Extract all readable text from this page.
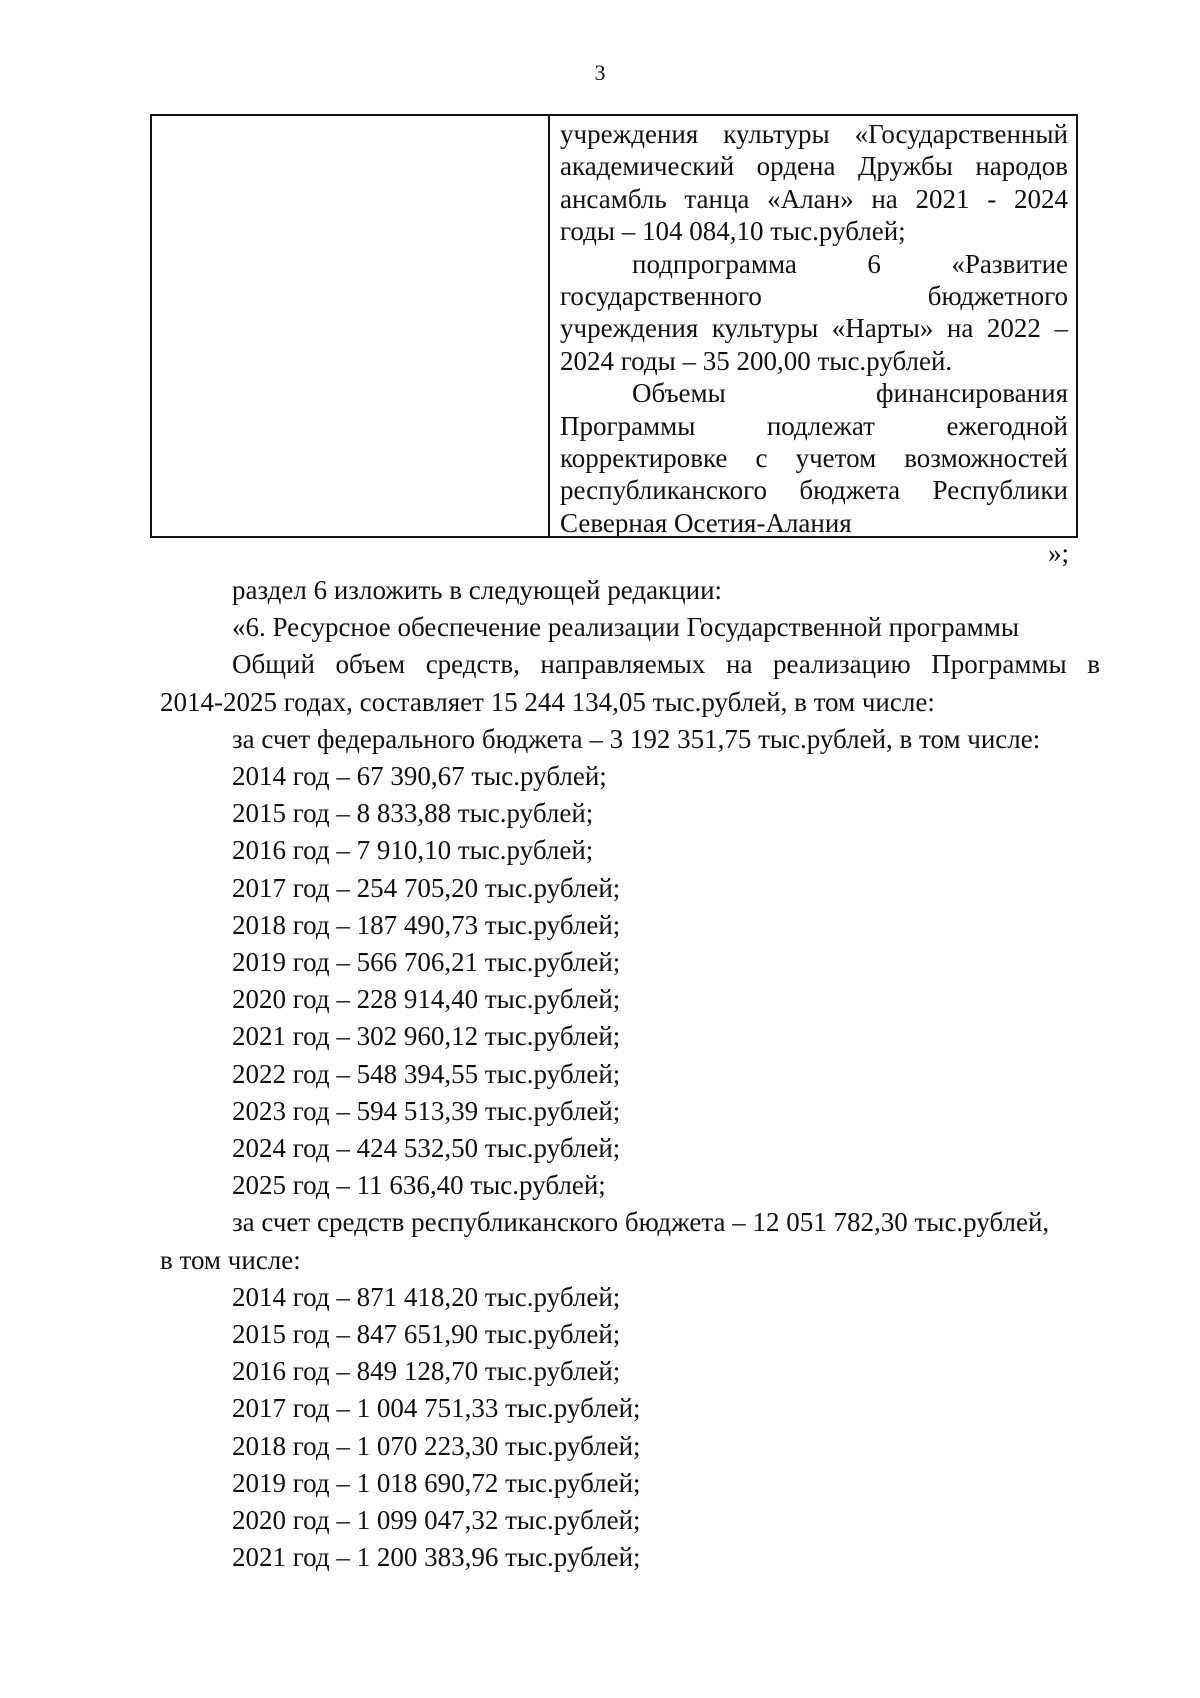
3
учреждения культуры «Государственный
академический ордена Дружбы народов
ансамбль танца «Алан» на 2021 - 2024
годы – 104 084,10 тыс.рублей;
подпрограмма 6 «Развитие
государственного бюджетного
учреждения культуры «Нарты» на 2022 –
2024 годы – 35 200,00 тыс.рублей.
Объемы финансирования
Программы подлежат ежегодной
корректировке с учетом возможностей
республиканского бюджета Республики
Северная Осетия-Алания
»;
раздел 6 изложить в следующей редакции:
«6. Ресурсное обеспечение реализации Государственной программы
Общий объем средств, направляемых на реализацию Программы в
2014-2025 годах, составляет 15 244 134,05 тыс.рублей, в том числе:
за счет федерального бюджета – 3 192 351,75 тыс.рублей, в том числе:
2014 год – 67 390,67 тыс.рублей;
2015 год – 8 833,88 тыс.рублей;
2016 год – 7 910,10 тыс.рублей;
2017 год – 254 705,20 тыс.рублей;
2018 год – 187 490,73 тыс.рублей;
2019 год – 566 706,21 тыс.рублей;
2020 год – 228 914,40 тыс.рублей;
2021 год – 302 960,12 тыс.рублей;
2022 год – 548 394,55 тыс.рублей;
2023 год – 594 513,39 тыс.рублей;
2024 год – 424 532,50 тыс.рублей;
2025 год – 11 636,40 тыс.рублей;
за счет средств республиканского бюджета – 12 051 782,30 тыс.рублей,
в том числе:
2014 год – 871 418,20 тыс.рублей;
2015 год – 847 651,90 тыс.рублей;
2016 год – 849 128,70 тыс.рублей;
2017 год – 1 004 751,33 тыс.рублей;
2018 год – 1 070 223,30 тыс.рублей;
2019 год – 1 018 690,72 тыс.рублей;
2020 год – 1 099 047,32 тыс.рублей;
2021 год – 1 200 383,96 тыс.рублей;
